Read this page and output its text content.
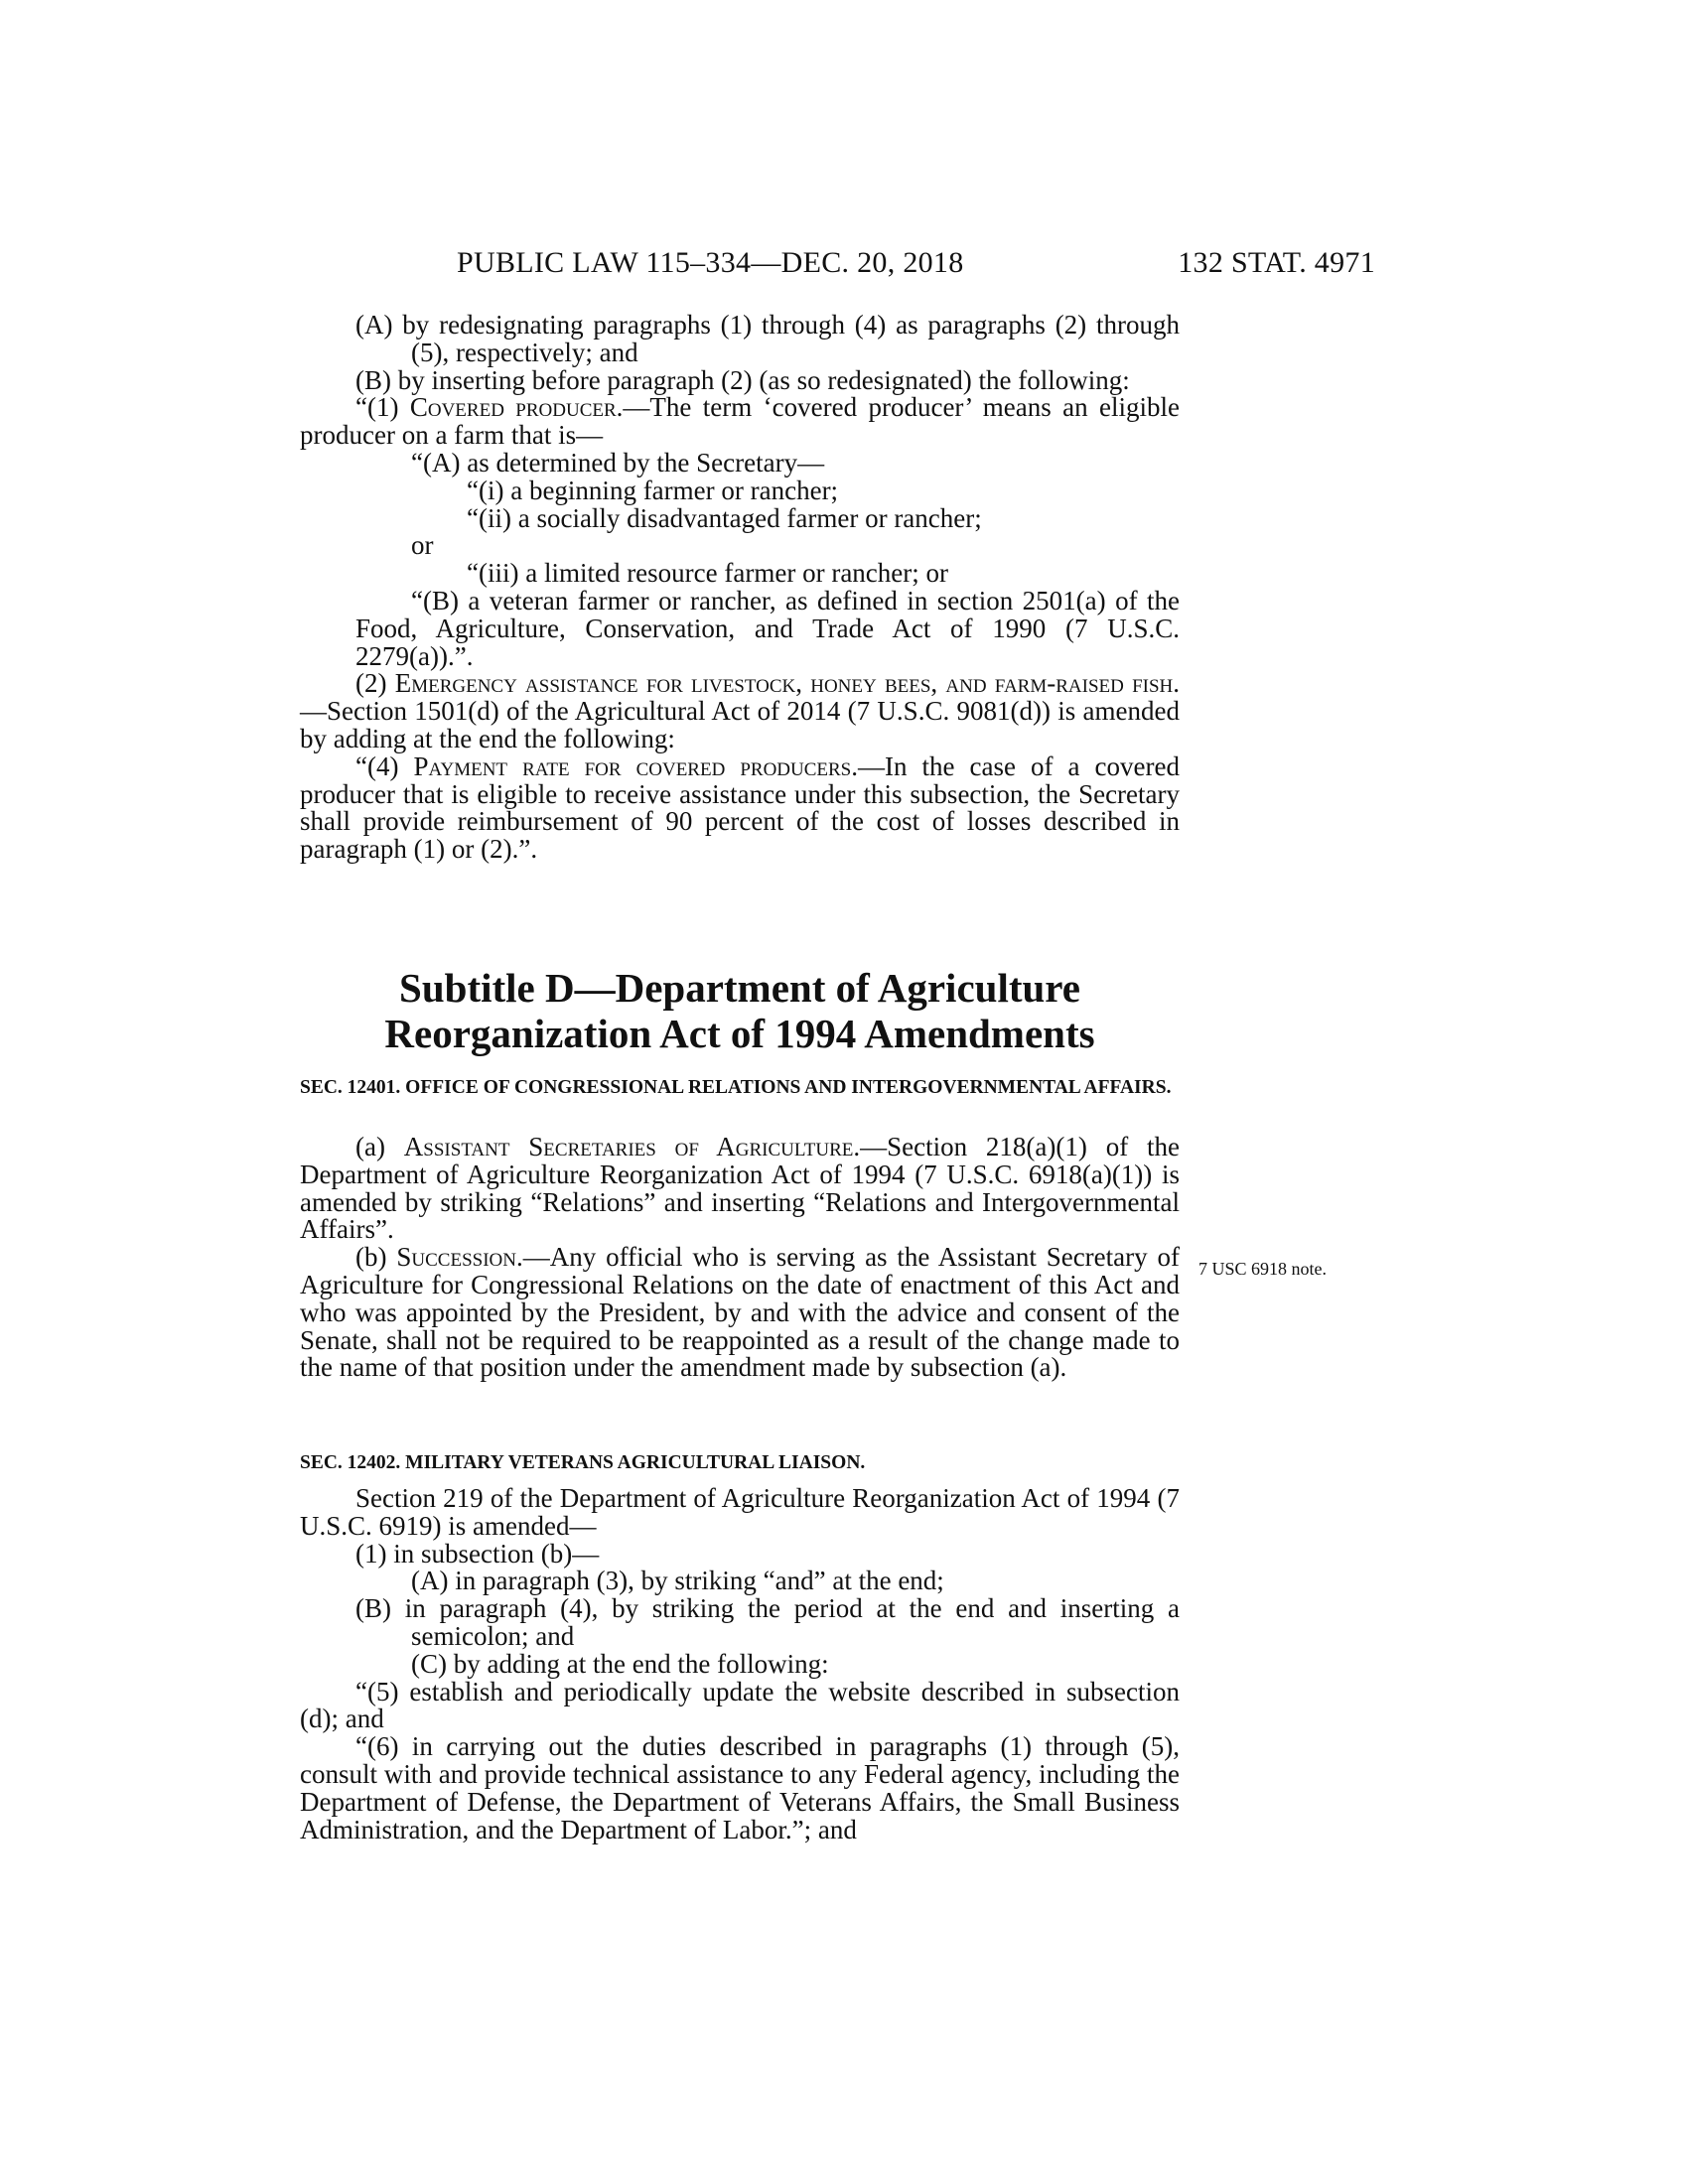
PUBLIC LAW 115–334—DEC. 20, 2018	132 STAT. 4971

(A) by redesignating paragraphs (1) through (4) as paragraphs (2) through (5), respectively; and

(B) by inserting before paragraph (2) (as so redesignated) the following:

“(1) Covered producer.—The term ‘covered producer’ means an eligible producer on a farm that is—

“(A) as determined by the Secretary—

“(i) a beginning farmer or rancher;

“(ii) a socially disadvantaged farmer or rancher;

or

“(iii) a limited resource farmer or rancher; or

“(B) a veteran farmer or rancher, as defined in section 2501(a) of the Food, Agriculture, Conservation, and Trade Act of 1990 (7 U.S.C. 2279(a)).”.

(2) Emergency assistance for livestock, honey bees, and farm-raised fish.—Section 1501(d) of the Agricultural Act of 2014 (7 U.S.C. 9081(d)) is amended by adding at the end the following:

“(4) Payment rate for covered producers.—In the case of a covered producer that is eligible to receive assistance under this subsection, the Secretary shall provide reimbursement of 90 percent of the cost of losses described in paragraph (1) or (2).”.

Subtitle D—Department of Agriculture
Reorganization Act of 1994 Amendments
SEC. 12401. OFFICE OF CONGRESSIONAL RELATIONS AND INTERGOVERNMENTAL AFFAIRS.

(a) Assistant Secretaries of Agriculture.—Section 218(a)(1) of the Department of Agriculture Reorganization Act of 1994 (7 U.S.C. 6918(a)(1)) is amended by striking “Relations” and inserting “Relations and Intergovernmental Affairs”.

(b) Succession.—Any official who is serving as the Assistant Secretary of Agriculture for Congressional Relations on the date of enactment of this Act and who was appointed by the President, by and with the advice and consent of the Senate, shall not be required to be reappointed as a result of the change made to the name of that position under the amendment made by subsection (a).

7 USC 6918 note.
SEC. 12402. MILITARY VETERANS AGRICULTURAL LIAISON.

Section 219 of the Department of Agriculture Reorganization Act of 1994 (7 U.S.C. 6919) is amended—

(1) in subsection (b)—

(A) in paragraph (3), by striking “and” at the end;

(B) in paragraph (4), by striking the period at the end and inserting a semicolon; and

(C) by adding at the end the following:

“(5) establish and periodically update the website described in subsection (d); and

“(6) in carrying out the duties described in paragraphs (1) through (5), consult with and provide technical assistance to any Federal agency, including the Department of Defense, the Department of Veterans Affairs, the Small Business Administration, and the Department of Labor.”; and
